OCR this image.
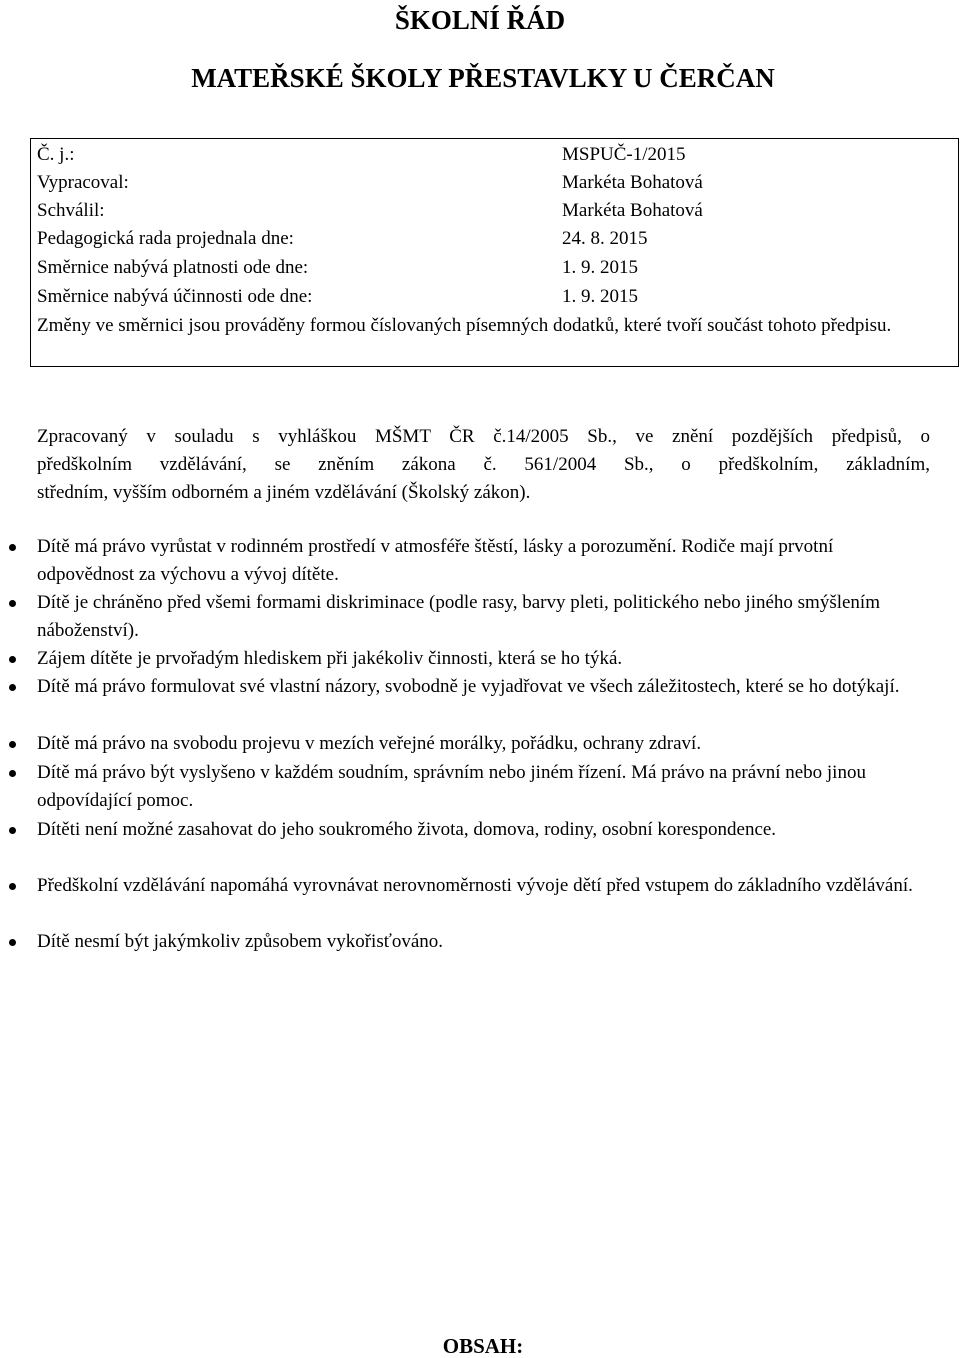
ŠKOLNÍ ŘÁD
MATEŘSKÉ ŠKOLY PŘESTAVLKY U ČERČAN
Č. j.:	MSPUČ-1/2015
Vypracoval:	Markéta Bohatová
Schválil:	Markéta Bohatová
Pedagogická rada projednala dne:	24. 8. 2015
Směrnice nabývá platnosti ode dne:	1. 9. 2015
Směrnice nabývá účinnosti ode dne:	1. 9. 2015
Změny ve směrnici jsou prováděny formou číslovaných písemných dodatků, které tvoří součást tohoto předpisu.

Zpracovaný v souladu s vyhláškou MŠMT ČR č.14/2005 Sb., ve znění pozdějších předpisů, o
předškolním vzdělávání, se zněním zákona č. 561/2004 Sb., o předškolním, základním,
středním, vyšším odborném a jiném vzdělávání (Školský zákon).

Dítě má právo vyrůstat v rodinném prostředí v atmosféře štěstí, lásky a porozumění. Rodiče mají prvotní odpovědnost za výchovu a vývoj dítěte.
Dítě je chráněno před všemi formami diskriminace (podle rasy, barvy pleti, politického nebo jiného smýšlením náboženství).
Zájem dítěte je prvořadým hlediskem při jakékoliv činnosti, která se ho týká.
Dítě má právo formulovat své vlastní názory, svobodně je vyjadřovat ve všech záležitostech, které se ho dotýkají.
Dítě má právo na svobodu projevu v mezích veřejné morálky, pořádku, ochrany zdraví.
Dítě má právo být vyslyšeno v každém soudním, správním nebo jiném řízení. Má právo na právní nebo jinou odpovídající pomoc.
Dítěti není možné zasahovat do jeho soukromého života, domova, rodiny, osobní korespondence.
Předškolní vzdělávání napomáhá vyrovnávat nerovnoměrnosti vývoje dětí před vstupem do základního vzdělávání.
Dítě nesmí být jakýmkoliv způsobem vykořisťováno.
OBSAH:
